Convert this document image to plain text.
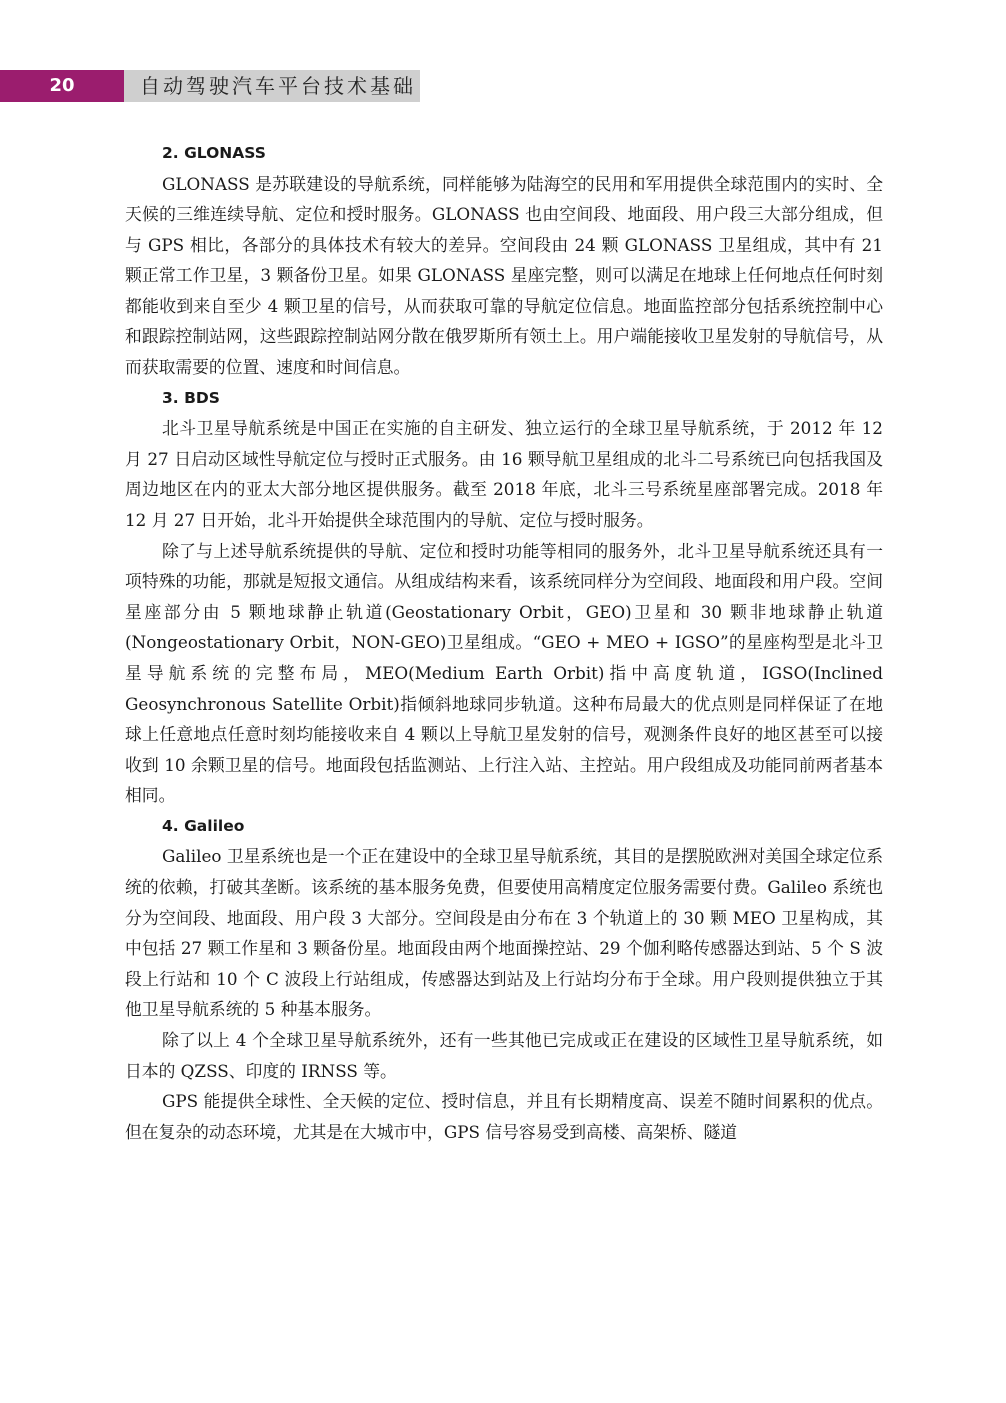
20	自动驾驶汽车平台技术基础
2. GLONASS

GLONASS 是苏联建设的导航系统，同样能够为陆海空的民用和军用提供全球范围内的实时、全天候的三维连续导航、定位和授时服务。GLONASS 也由空间段、地面段、用户段三大部分组成，但与 GPS 相比，各部分的具体技术有较大的差异。空间段由 24 颗 GLONASS 卫星组成，其中有 21 颗正常工作卫星，3 颗备份卫星。如果 GLONASS 星座完整，则可以满足在地球上任何地点任何时刻都能收到来自至少 4 颗卫星的信号，从而获取可靠的导航定位信息。地面监控部分包括系统控制中心和跟踪控制站网，这些跟踪控制站网分散在俄罗斯所有领土上。用户端能接收卫星发射的导航信号，从而获取需要的位置、速度和时间信息。

3. BDS

北斗卫星导航系统是中国正在实施的自主研发、独立运行的全球卫星导航系统，于 2012 年 12 月 27 日启动区域性导航定位与授时正式服务。由 16 颗导航卫星组成的北斗二号系统已向包括我国及周边地区在内的亚太大部分地区提供服务。截至 2018 年底，北斗三号系统星座部署完成。2018 年 12 月 27 日开始，北斗开始提供全球范围内的导航、定位与授时服务。

除了与上述导航系统提供的导航、定位和授时功能等相同的服务外，北斗卫星导航系统还具有一项特殊的功能，那就是短报文通信。从组成结构来看，该系统同样分为空间段、地面段和用户段。空间星座部分由 5 颗地球静止轨道(Geostationary Orbit，GEO)卫星和 30 颗非地球静止轨道(Nongeostationary Orbit，NON-GEO)卫星组成。“GEO + MEO + IGSO”的星座构型是北斗卫星导航系统的完整布局，MEO(Medium Earth Orbit)指中高度轨道，IGSO(Inclined Geosynchronous Satellite Orbit)指倾斜地球同步轨道。这种布局最大的优点则是同样保证了在地球上任意地点任意时刻均能接收来自 4 颗以上导航卫星发射的信号，观测条件良好的地区甚至可以接收到 10 余颗卫星的信号。地面段包括监测站、上行注入站、主控站。用户段组成及功能同前两者基本相同。

4. Galileo

Galileo 卫星系统也是一个正在建设中的全球卫星导航系统，其目的是摆脱欧洲对美国全球定位系统的依赖，打破其垄断。该系统的基本服务免费，但要使用高精度定位服务需要付费。Galileo 系统也分为空间段、地面段、用户段 3 大部分。空间段是由分布在 3 个轨道上的 30 颗 MEO 卫星构成，其中包括 27 颗工作星和 3 颗备份星。地面段由两个地面操控站、29 个伽利略传感器达到站、5 个 S 波段上行站和 10 个 C 波段上行站组成，传感器达到站及上行站均分布于全球。用户段则提供独立于其他卫星导航系统的 5 种基本服务。

除了以上 4 个全球卫星导航系统外，还有一些其他已完成或正在建设的区域性卫星导航系统，如日本的 QZSS、印度的 IRNSS 等。

GPS 能提供全球性、全天候的定位、授时信息，并且有长期精度高、误差不随时间累积的优点。但在复杂的动态环境，尤其是在大城市中，GPS 信号容易受到高楼、高架桥、隧道
